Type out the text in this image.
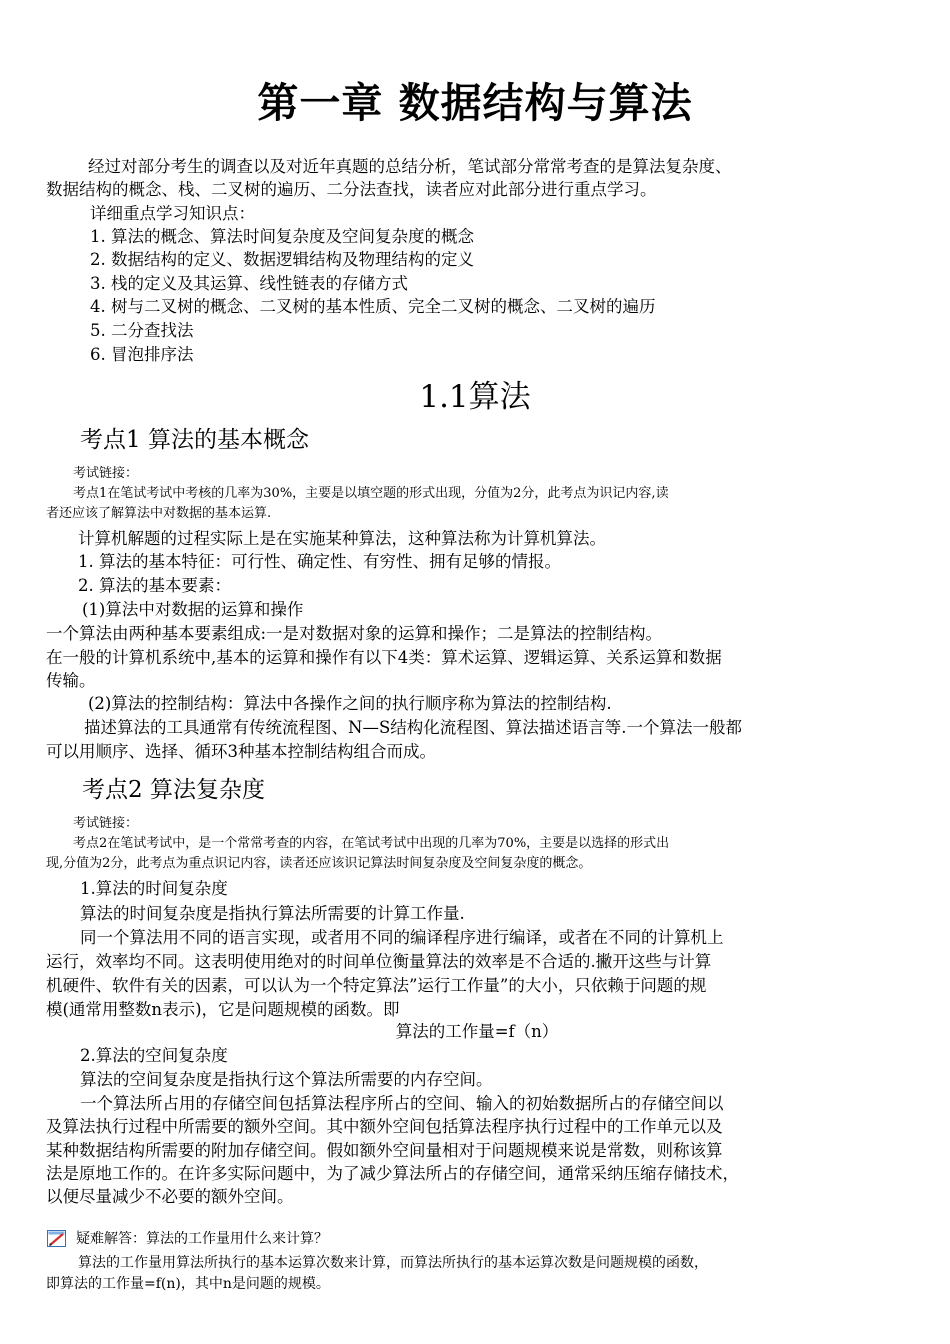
第一章 数据结构与算法
经过对部分考生的调查以及对近年真题的总结分析，笔试部分常常考查的是算法复杂度、
数据结构的概念、栈、二叉树的遍历、二分法查找，读者应对此部分进行重点学习。
详细重点学习知识点：
1. 算法的概念、算法时间复杂度及空间复杂度的概念
2. 数据结构的定义、数据逻辑结构及物理结构的定义
3. 栈的定义及其运算、线性链表的存储方式
4. 树与二叉树的概念、二叉树的基本性质、完全二叉树的概念、二叉树的遍历
5. 二分查找法
6. 冒泡排序法
1.1算法
考点1 算法的基本概念
考试链接：
考点1在笔试考试中考核的几率为30%，主要是以填空题的形式出现，分值为2分，此考点为识记内容,读
者还应该了解算法中对数据的基本运算.
计算机解题的过程实际上是在实施某种算法，这种算法称为计算机算法。
1. 算法的基本特征：可行性、确定性、有穷性、拥有足够的情报。
2. 算法的基本要素：
(1)算法中对数据的运算和操作
一个算法由两种基本要素组成:一是对数据对象的运算和操作；二是算法的控制结构。
在一般的计算机系统中,基本的运算和操作有以下4类：算术运算、逻辑运算、关系运算和数据
传输。
(2)算法的控制结构：算法中各操作之间的执行顺序称为算法的控制结构.
描述算法的工具通常有传统流程图、N—S结构化流程图、算法描述语言等.一个算法一般都
可以用顺序、选择、循环3种基本控制结构组合而成。
考点2 算法复杂度
考试链接：
考点2在笔试考试中，是一个常常考查的内容，在笔试考试中出现的几率为70%，主要是以选择的形式出
现,分值为2分，此考点为重点识记内容，读者还应该识记算法时间复杂度及空间复杂度的概念。
1.算法的时间复杂度
算法的时间复杂度是指执行算法所需要的计算工作量.
同一个算法用不同的语言实现，或者用不同的编译程序进行编译，或者在不同的计算机上
运行，效率均不同。这表明使用绝对的时间单位衡量算法的效率是不合适的.撇开这些与计算
机硬件、软件有关的因素，可以认为一个特定算法”运行工作量”的大小，只依赖于问题的规
模(通常用整数n表示)，它是问题规模的函数。即
算法的工作量=f（n）
2.算法的空间复杂度
算法的空间复杂度是指执行这个算法所需要的内存空间。
一个算法所占用的存储空间包括算法程序所占的空间、输入的初始数据所占的存储空间以
及算法执行过程中所需要的额外空间。其中额外空间包括算法程序执行过程中的工作单元以及
某种数据结构所需要的附加存储空间。假如额外空间量相对于问题规模来说是常数，则称该算
法是原地工作的。在许多实际问题中，为了减少算法所占的存储空间，通常采纳压缩存储技术，
以便尽量减少不必要的额外空间。
疑难解答：算法的工作量用什么来计算？
算法的工作量用算法所执行的基本运算次数来计算，而算法所执行的基本运算次数是问题规模的函数，
即算法的工作量=f(n)，其中n是问题的规模。
